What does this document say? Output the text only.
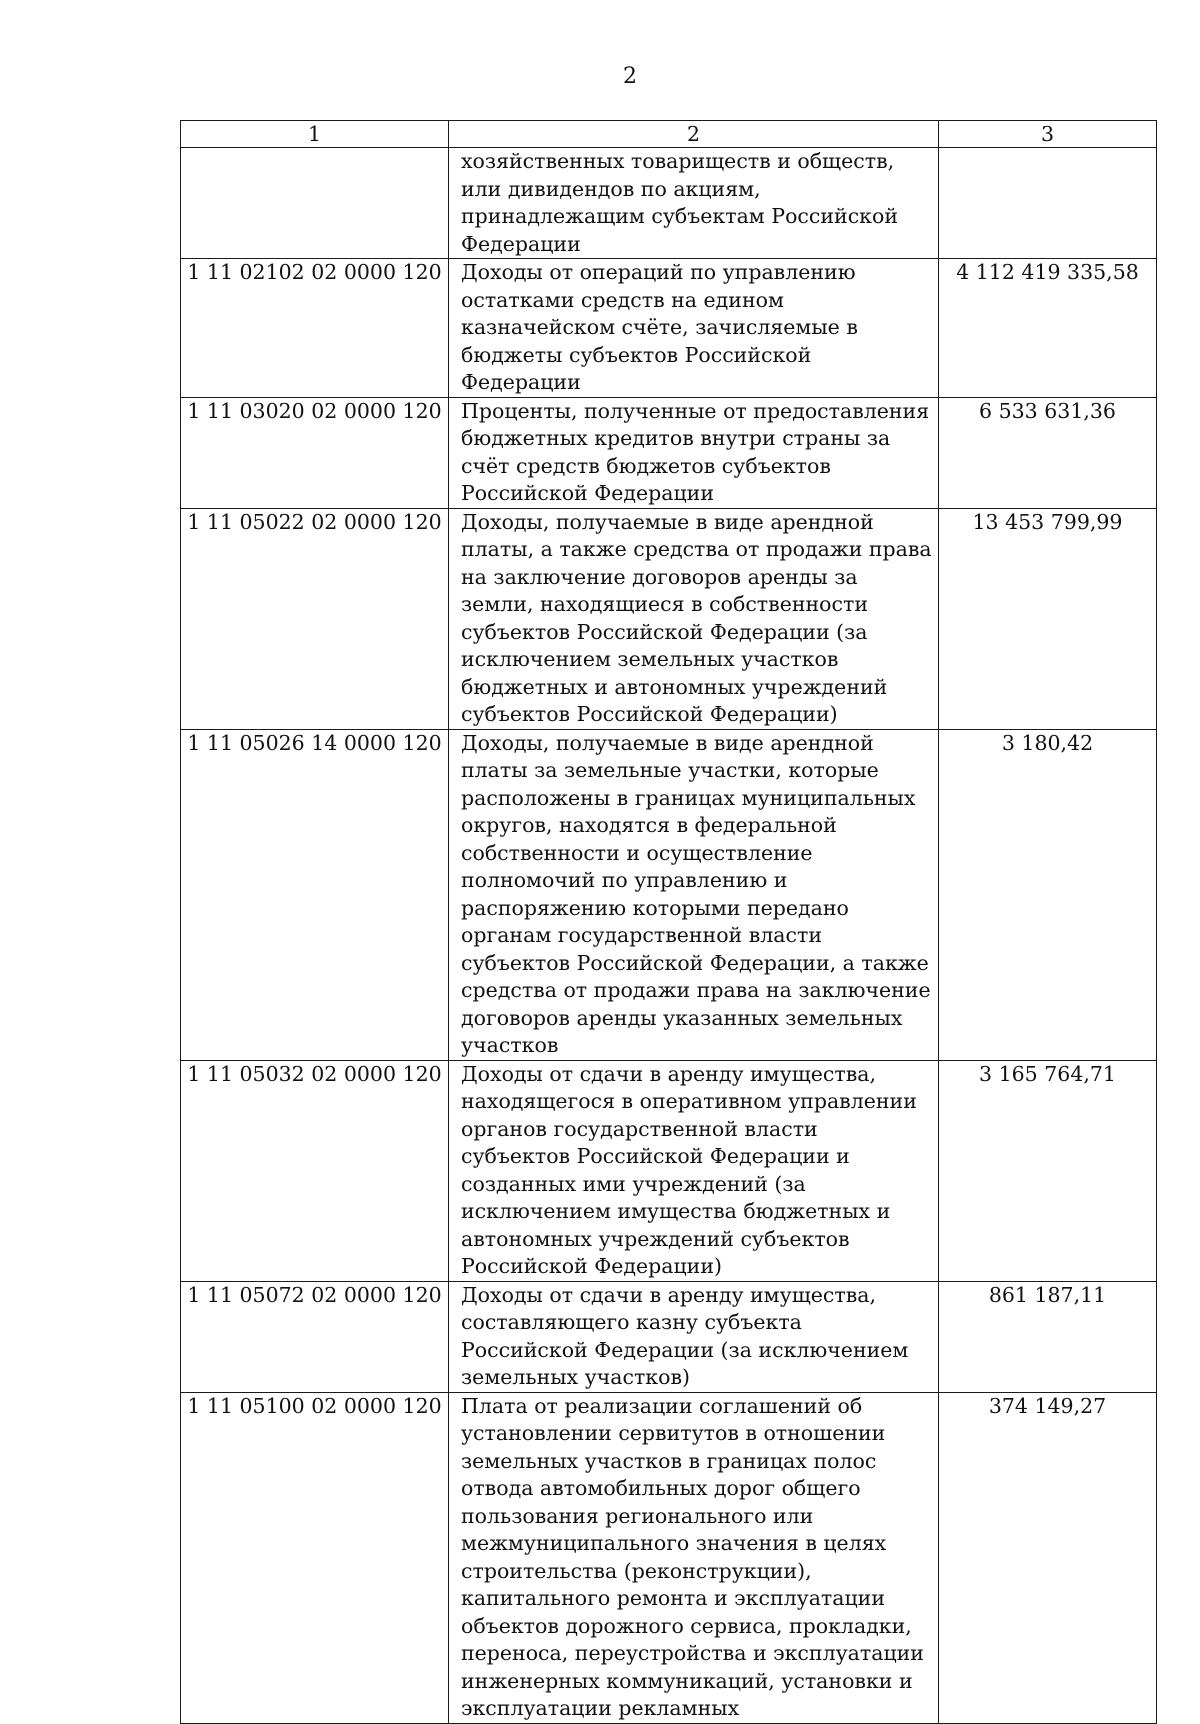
2
1	2	3
	хозяйственных товариществ и обществ, или дивидендов по акциям, принадлежащим субъектам Российской Федерации	
1 11 02102 02 0000 120	Доходы от операций по управлению остатками средств на едином казначейском счёте, зачисляемые в бюджеты субъектов Российской Федерации	4 112 419 335,58
1 11 03020 02 0000 120	Проценты, полученные от предоставления бюджетных кредитов внутри страны за счёт средств бюджетов субъектов Российской Федерации	6 533 631,36
1 11 05022 02 0000 120	Доходы, получаемые в виде арендной платы, а также средства от продажи права на заключение договоров аренды за земли, находящиеся в собственности субъектов Российской Федерации (за исключением земельных участков бюджетных и автономных учреждений субъектов Российской Федерации)	13 453 799,99
1 11 05026 14 0000 120	Доходы, получаемые в виде арендной платы за земельные участки, которые расположены в границах муниципальных округов, находятся в федеральной собственности и осуществление полномочий по управлению и распоряжению которыми передано органам государственной власти субъектов Российской Федерации, а также средства от продажи права на заключение договоров аренды указанных земельных участков	3 180,42
1 11 05032 02 0000 120	Доходы от сдачи в аренду имущества, находящегося в оперативном управлении органов государственной власти субъектов Российской Федерации и созданных ими учреждений (за исключением имущества бюджетных и автономных учреждений субъектов Российской Федерации)	3 165 764,71
1 11 05072 02 0000 120	Доходы от сдачи в аренду имущества, составляющего казну субъекта Российской Федерации (за исключением земельных участков)	861 187,11
1 11 05100 02 0000 120	Плата от реализации соглашений об установлении сервитутов в отношении земельных участков в границах полос отвода автомобильных дорог общего пользования регионального или межмуниципального значения в целях строительства (реконструкции), капитального ремонта и эксплуатации объектов дорожного сервиса, прокладки, переноса, переустройства и эксплуатации инженерных коммуникаций, установки и эксплуатации рекламных	374 149,27
